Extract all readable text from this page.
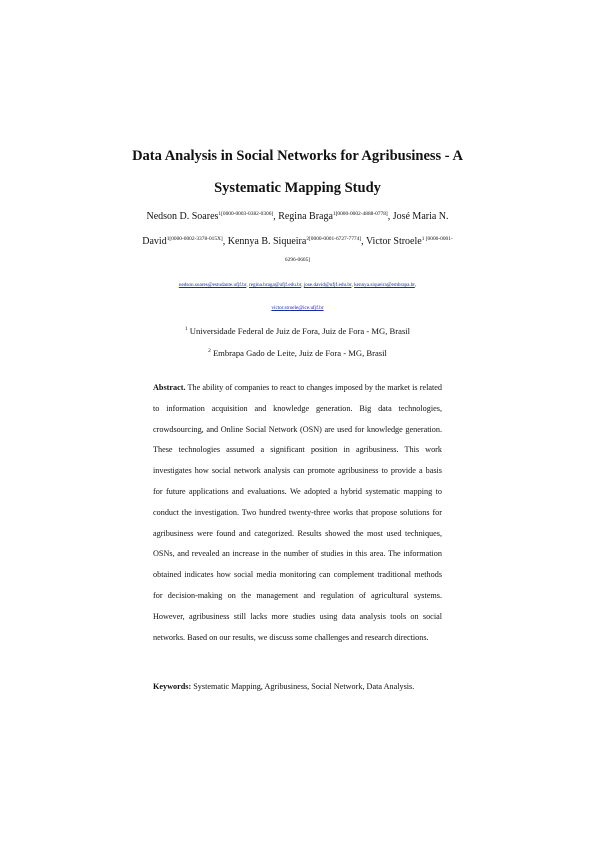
Data Analysis in Social Networks for Agribusiness - A
Systematic Mapping Study
Nedson D. Soares$^{1[0000-0003-0382-0306]}$, Regina Braga$^{1[0000-0002-4888-0778]}$, José Maria N.
David$^{1[0000-0002-3378-015X]}$, Kennya B. Siqueira$^{2[0000-0001-6727-7774]}$, Victor Stroele$^{1 [0000-0001-}$
6296-0605]
nedson.soares@estudante.ufjf.br, regina.braga@ufjf.edu.br, jose.david@ufjf.edu.br, kennya.siqueira@embrapa.br,
victor.stroele@ice.ufjf.br
$^1$ Universidade Federal de Juiz de Fora, Juiz de Fora - MG, Brasil
$^2$ Embrapa Gado de Leite, Juiz de Fora - MG, Brasil

Abstract. The ability of companies to react to changes imposed by the market is related to information acquisition and knowledge generation. Big data technologies, crowdsourcing, and Online Social Network (OSN) are used for knowledge generation. These technologies assumed a significant position in agribusiness. This work investigates how social network analysis can promote agribusiness to provide a basis for future applications and evaluations. We adopted a hybrid systematic mapping to conduct the investigation. Two hundred twenty-three works that propose solutions for agribusiness were found and categorized. Results showed the most used techniques, OSNs, and revealed an increase in the number of studies in this area. The information obtained indicates how social media monitoring can complement traditional methods for decision-making on the management and regulation of agricultural systems. However, agribusiness still lacks more studies using data analysis tools on social networks. Based on our results, we discuss some challenges and research directions.

Keywords: Systematic Mapping, Agribusiness, Social Network, Data Analysis.
